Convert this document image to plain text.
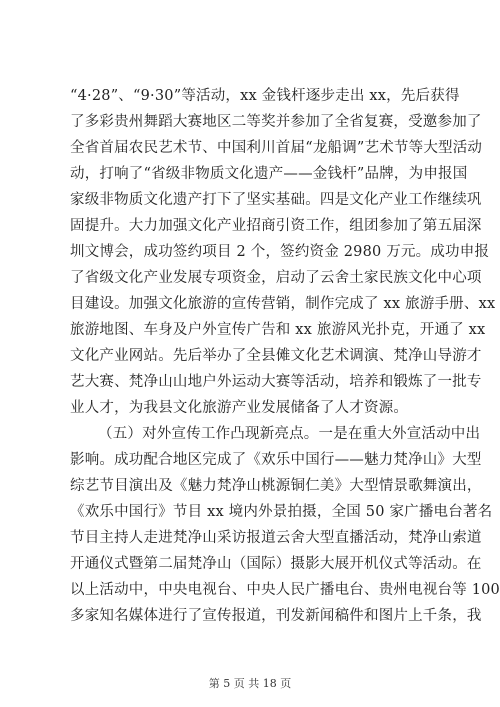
“4·28”、“9·30”等活动，xx 金钱杆逐步走出 xx，先后获得
了多彩贵州舞蹈大赛地区二等奖并参加了全省复赛，受邀参加了
全省首届农民艺术节、中国利川首届“龙船调”艺术节等大型活动
动，打响了“省级非物质文化遗产——金钱杆”品牌，为申报国
家级非物质文化遗产打下了坚实基础。四是文化产业工作继续巩
固提升。大力加强文化产业招商引资工作，组团参加了第五届深
圳文博会，成功签约项目 2 个，签约资金 2980 万元。成功申报
了省级文化产业发展专项资金，启动了云舍土家民族文化中心项
目建设。加强文化旅游的宣传营销，制作完成了 xx 旅游手册、xx
旅游地图、车身及户外宣传广告和 xx 旅游风光扑克，开通了 xx
文化产业网站。先后举办了全县傩文化艺术调演、梵净山导游才
艺大赛、梵净山山地户外运动大赛等活动，培养和锻炼了一批专
业人才，为我县文化旅游产业发展储备了人才资源。
（五）对外宣传工作凸现新亮点。一是在重大外宣活动中出
影响。成功配合地区完成了《欢乐中国行——魅力梵净山》大型
综艺节目演出及《魅力梵净山桃源铜仁美》大型情景歌舞演出，
《欢乐中国行》节目 xx 境内外景拍摄，全国 50 家广播电台著名
节目主持人走进梵净山采访报道云舍大型直播活动，梵净山索道
开通仪式暨第二届梵净山（国际）摄影大展开机仪式等活动。在
以上活动中，中央电视台、中央人民广播电台、贵州电视台等 100
多家知名媒体进行了宣传报道，刊发新闻稿件和图片上千条，我
第 5 页 共 18 页
